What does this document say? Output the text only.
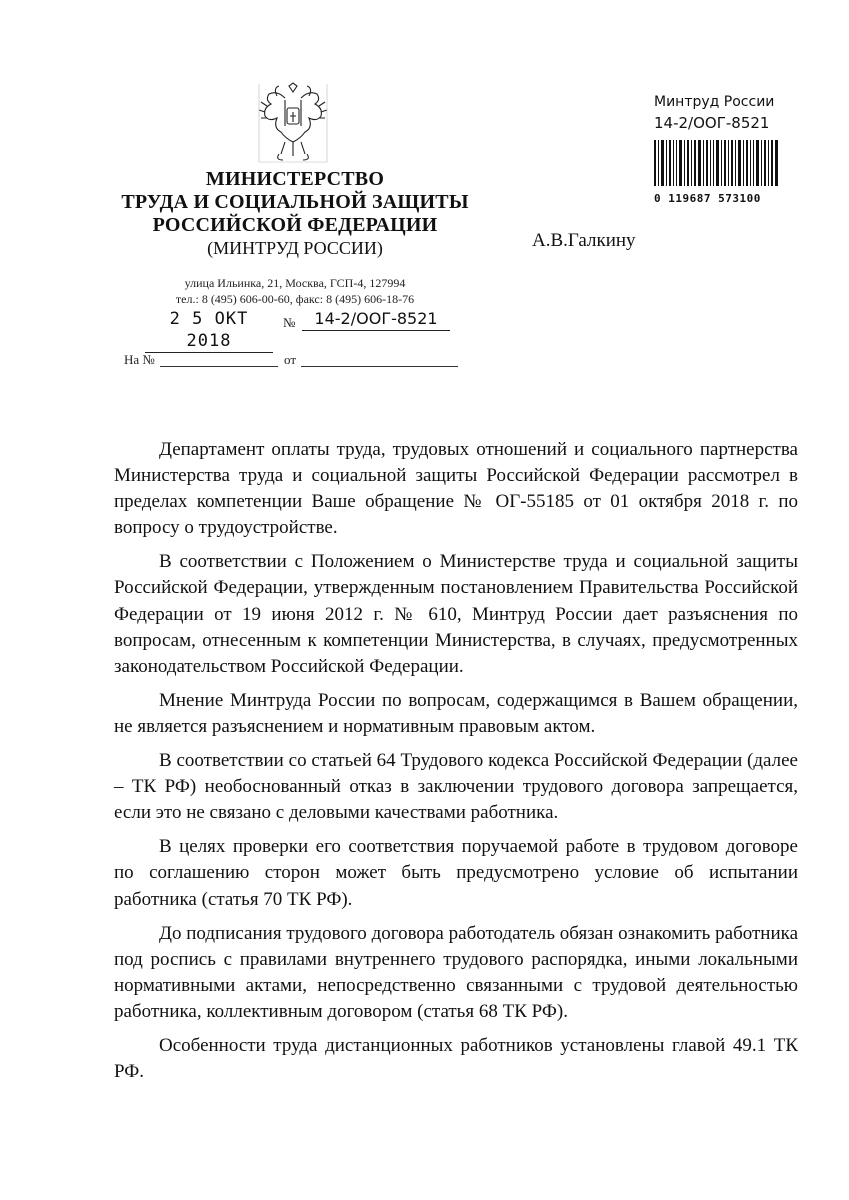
МИНИСТЕРСТВО
ТРУДА И СОЦИАЛЬНОЙ ЗАЩИТЫ
РОССИЙСКОЙ ФЕДЕРАЦИИ
(МИНТРУД РОССИИ)
улица Ильинка, 21, Москва, ГСП-4, 127994
тел.: 8 (495) 606-00-60, факс: 8 (495) 606-18-76
2 5 ОКТ 2018
№	14-2/ООГ-8521
На №	от
Минтруд России
14-2/ООГ-8521
0 119687 573100
А.В.Галкину

Департамент оплаты труда, трудовых отношений и социального партнерства Министерства труда и социальной защиты Российской Федерации рассмотрел в пределах компетенции Ваше обращение № ОГ-55185 от 01 октября 2018 г. по вопросу о трудоустройстве.

В соответствии с Положением о Министерстве труда и социальной защиты Российской Федерации, утвержденным постановлением Правительства Российской Федерации от 19 июня 2012 г. № 610, Минтруд России дает разъяснения по вопросам, отнесенным к компетенции Министерства, в случаях, предусмотренных законодательством Российской Федерации.

Мнение Минтруда России по вопросам, содержащимся в Вашем обращении, не является разъяснением и нормативным правовым актом.

В соответствии со статьей 64 Трудового кодекса Российской Федерации (далее – ТК РФ) необоснованный отказ в заключении трудового договора запрещается, если это не связано с деловыми качествами работника.

В целях проверки его соответствия поручаемой работе в трудовом договоре по соглашению сторон может быть предусмотрено условие об испытании работника (статья 70 ТК РФ).

До подписания трудового договора работодатель обязан ознакомить работника под роспись с правилами внутреннего трудового распорядка, иными локальными нормативными актами, непосредственно связанными с трудовой деятельностью работника, коллективным договором (статья 68 ТК РФ).

Особенности труда дистанционных работников установлены главой 49.1 ТК РФ.
